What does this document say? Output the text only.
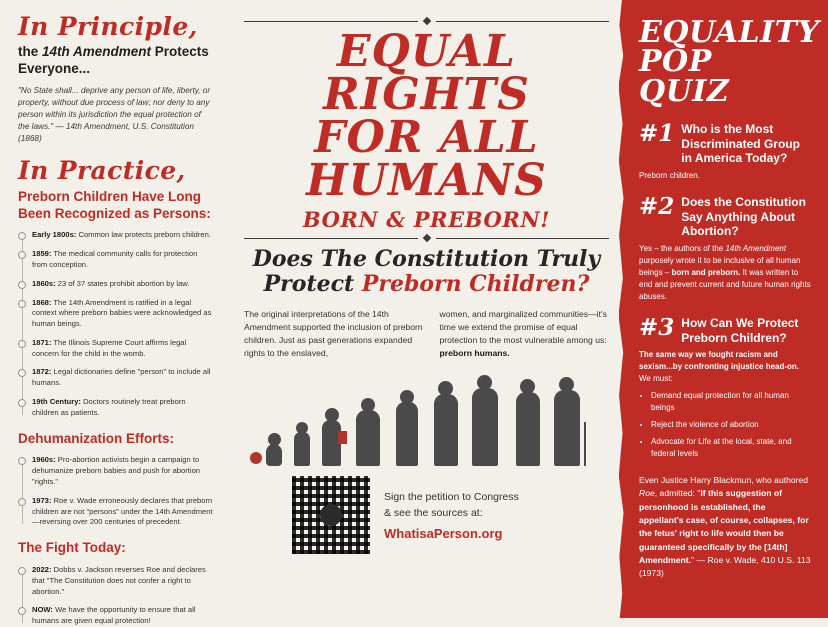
In Principle,
the 14th Amendment Protects Everyone...
"No State shall... deprive any person of life, liberty, or property, without due process of law; nor deny to any person within its jurisdiction the equal protection of the laws." — 14th Amendment, U.S. Constitution (1868)
In Practice,
Preborn Children Have Long Been Recognized as Persons:
Early 1800s: Common law protects preborn children.
1859: The medical community calls for protection from conception.
1860s: 23 of 37 states prohibit abortion by law.
1868: The 14th Amendment is ratified in a legal context where preborn babies were acknowledged as human beings.
1871: The Illinois Supreme Court affirms legal concern for the child in the womb.
1872: Legal dictionaries define "person" to include all humans.
19th Century: Doctors routinely treat preborn children as patients.
Dehumanization Efforts:
1960s: Pro-abortion activists begin a campaign to dehumanize preborn babies and push for abortion "rights."
1973: Roe v. Wade erroneously declares that preborn children are not "persons" under the 14th Amendment—reversing over 200 centuries of precedent.
The Fight Today:
2022: Dobbs v. Jackson reverses Roe and declares that "The Constitution does not confer a right to abortion."
NOW: We have the opportunity to ensure that all humans are given equal protection!
EQUAL RIGHTS
FOR ALL HUMANS
BORN & PREBORN!
Does The Constitution Truly
Protect Preborn Children?

The original interpretations of the 14th Amendment supported the inclusion of preborn children. Just as past generations expanded rights to the enslaved,

women, and marginalized communities—it's time we extend the promise of equal protection to the most vulnerable among us: preborn humans.

Sign the petition to Congress
& see the sources at:
WhatisaPerson.org
EQUALITY
POP QUIZ
#1 Who is the Most Discriminated Group in America Today?
Preborn children.
#2 Does the Constitution Say Anything About Abortion?
Yes – the authors of the 14th Amendment purposely wrote it to be inclusive of all human beings – born and preborn. It was written to end and prevent current and future human rights abuses.
#3 How Can We Protect Preborn Children?
The same way we fought racism and sexism...by confronting injustice head-on. We must:
• Demand equal protection for all human beings
• Reject the violence of abortion
• Advocate for Life at the local, state, and federal levels
Even Justice Harry Blackmun, who authored Roe, admitted: "If this suggestion of personhood is established, the appellant's case, of course, collapses, for the fetus' right to life would then be guaranteed specifically by the [14th] Amendment." — Roe v. Wade, 410 U.S. 113 (1973)
